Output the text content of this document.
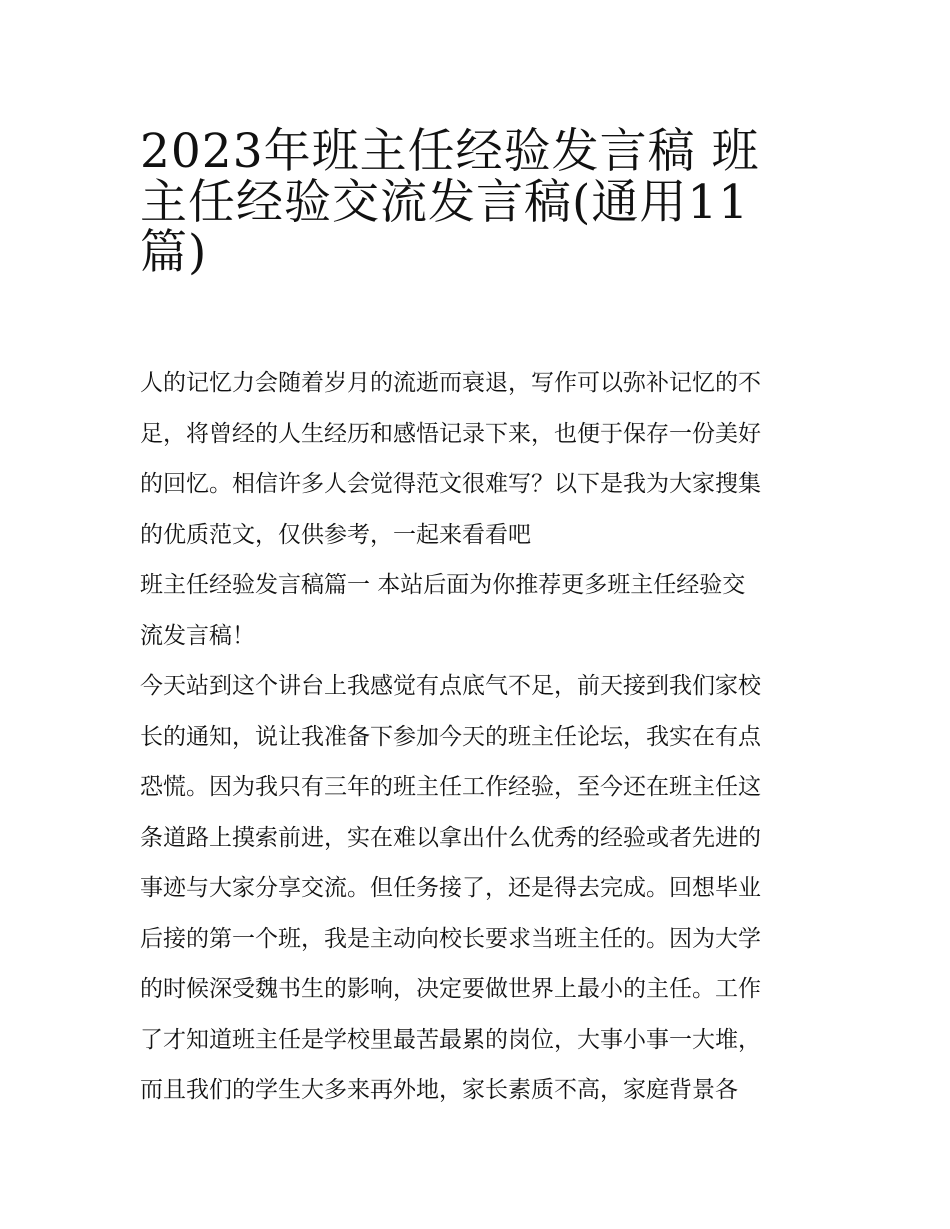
2023年班主任经验发言稿 班
主任经验交流发言稿(通用11
篇)

人的记忆力会随着岁月的流逝而衰退，写作可以弥补记忆的不
足，将曾经的人生经历和感悟记录下来，也便于保存一份美好
的回忆。相信许多人会觉得范文很难写？以下是我为大家搜集
的优质范文，仅供参考，一起来看看吧

班主任经验发言稿篇一 本站后面为你推荐更多班主任经验交
流发言稿！

今天站到这个讲台上我感觉有点底气不足，前天接到我们家校
长的通知，说让我准备下参加今天的班主任论坛，我实在有点
恐慌。因为我只有三年的班主任工作经验，至今还在班主任这
条道路上摸索前进，实在难以拿出什么优秀的经验或者先进的
事迹与大家分享交流。但任务接了，还是得去完成。回想毕业
后接的第一个班，我是主动向校长要求当班主任的。因为大学
的时候深受魏书生的影响，决定要做世界上最小的主任。工作
了才知道班主任是学校里最苦最累的岗位，大事小事一大堆，
而且我们的学生大多来再外地，家长素质不高，家庭背景各
